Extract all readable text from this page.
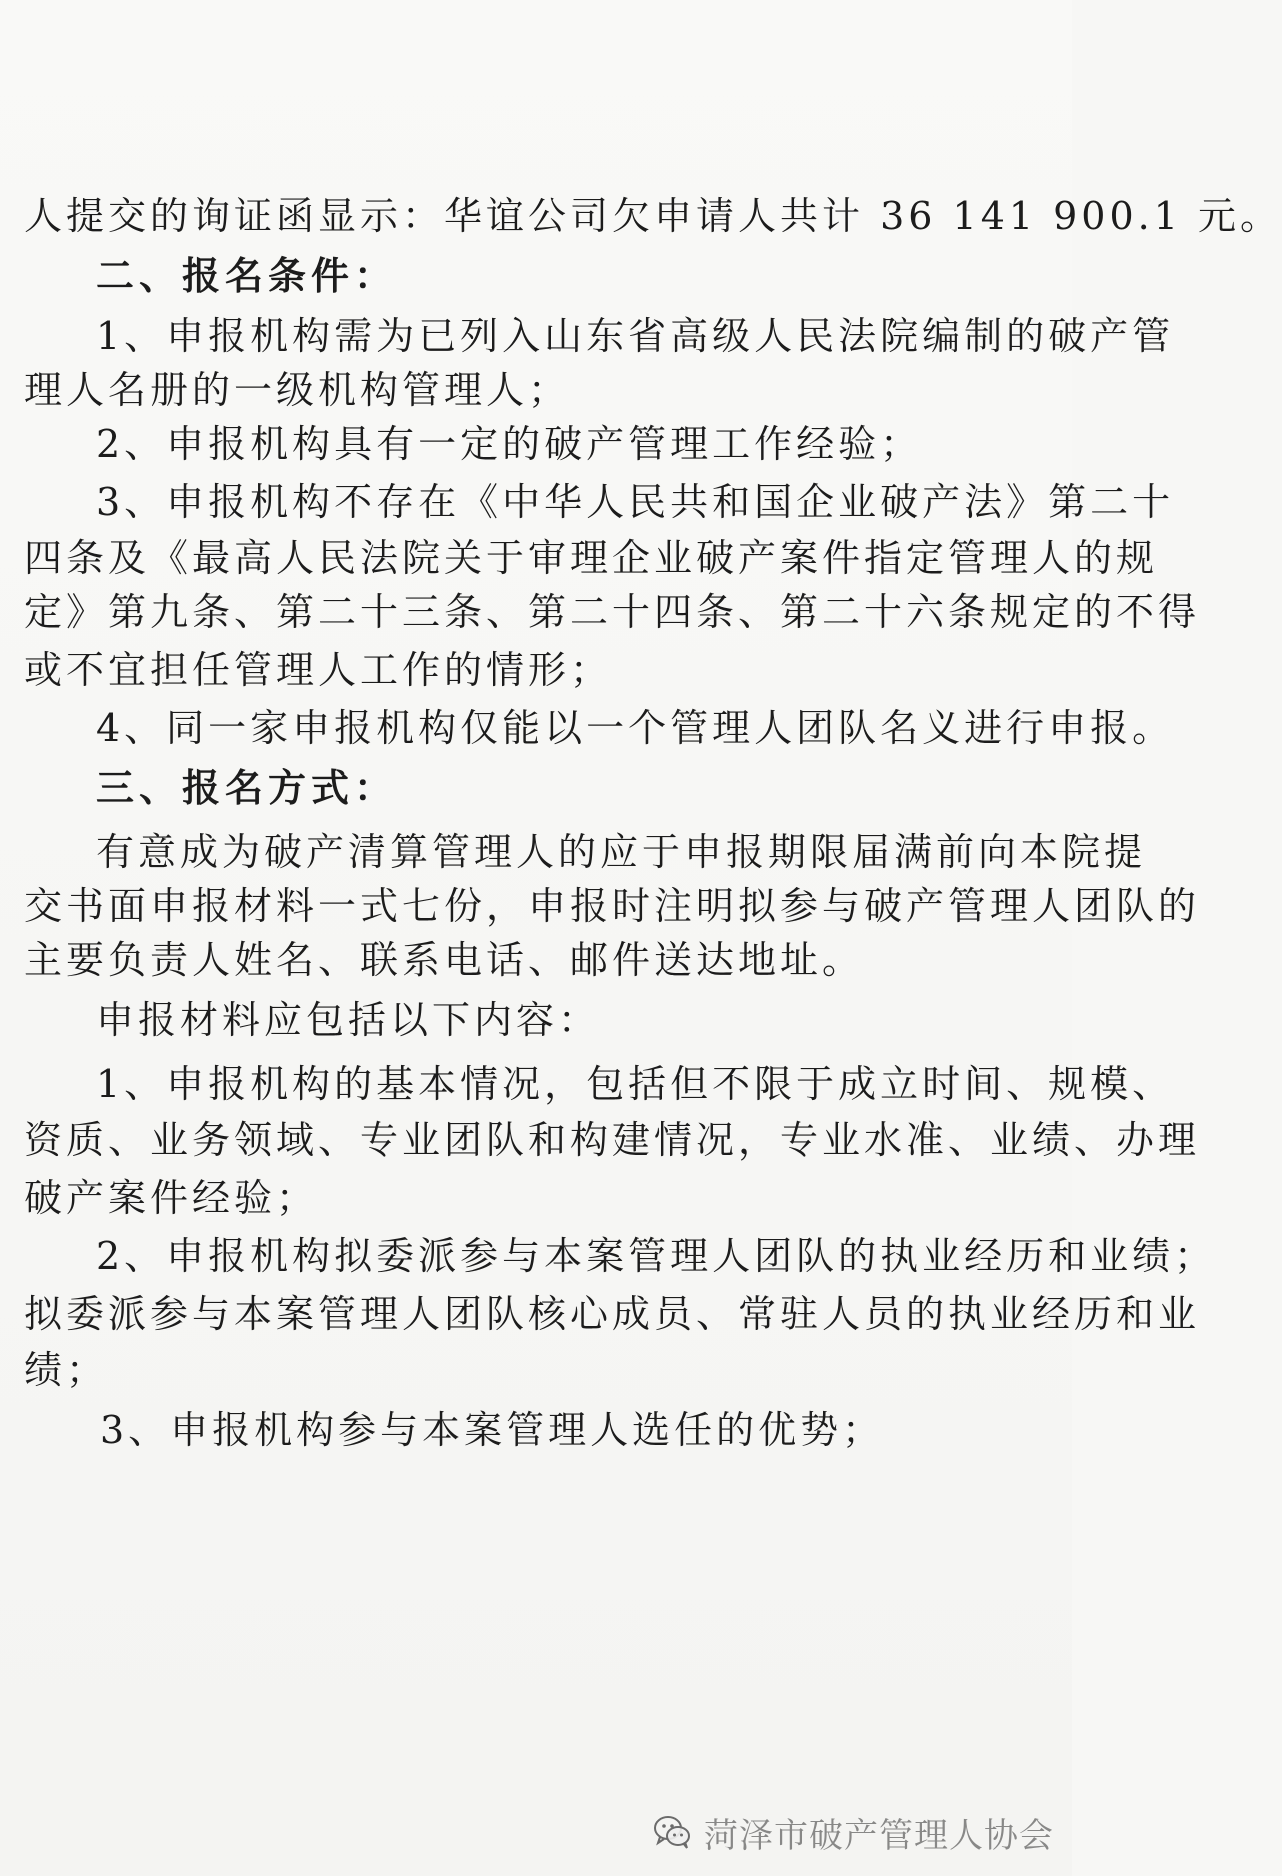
人提交的询证函显示：华谊公司欠申请人共计 36 141 900.1 元。
二、报名条件：
1、申报机构需为已列入山东省高级人民法院编制的破产管
理人名册的一级机构管理人；
2、申报机构具有一定的破产管理工作经验；
3、申报机构不存在《中华人民共和国企业破产法》第二十
四条及《最高人民法院关于审理企业破产案件指定管理人的规
定》第九条、第二十三条、第二十四条、第二十六条规定的不得
或不宜担任管理人工作的情形；
4、同一家申报机构仅能以一个管理人团队名义进行申报。
三、报名方式：
有意成为破产清算管理人的应于申报期限届满前向本院提
交书面申报材料一式七份，申报时注明拟参与破产管理人团队的
主要负责人姓名、联系电话、邮件送达地址。
申报材料应包括以下内容：
1、申报机构的基本情况，包括但不限于成立时间、规模、
资质、业务领域、专业团队和构建情况，专业水准、业绩、办理
破产案件经验；
2、申报机构拟委派参与本案管理人团队的执业经历和业绩；
拟委派参与本案管理人团队核心成员、常驻人员的执业经历和业
绩；
3、申报机构参与本案管理人选任的优势；
菏泽市破产管理人协会
